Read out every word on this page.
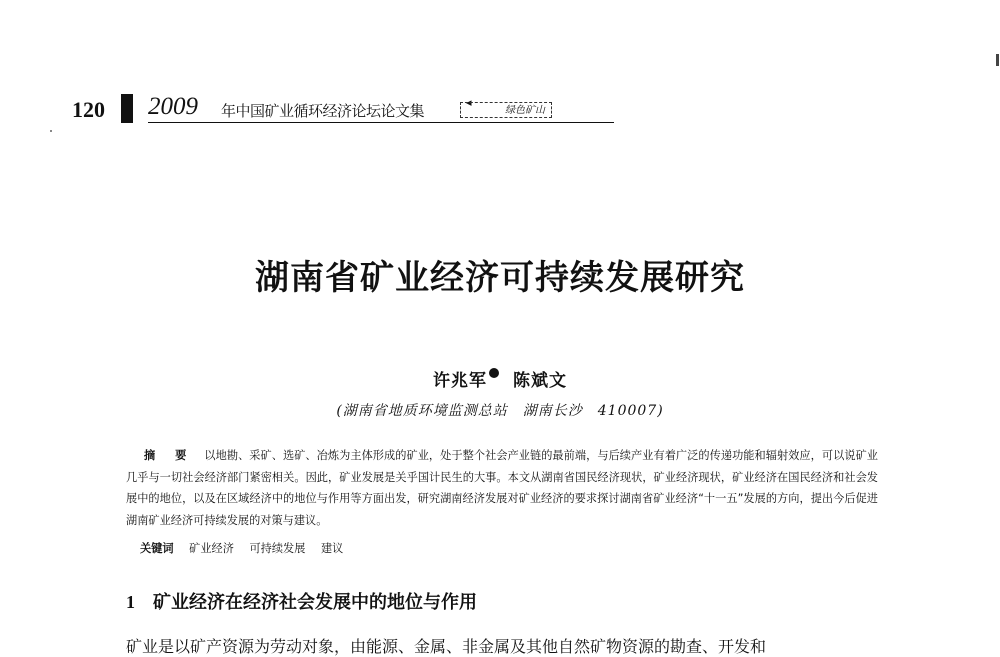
120 2009 年中国矿业循环经济论坛论文集	◂
绿色矿山
湖南省矿业经济可持续发展研究
许兆军 陈斌文
(湖南省地质环境监测总站　湖南长沙　410007)
摘 要 以地勘、采矿、选矿、冶炼为主体形成的矿业，处于整个社会产业链的最前端，与后续产业有着广泛的传递功能和辐射效应，可以说矿业几乎与一切社会经济部门紧密相关。因此，矿业发展是关乎国计民生的大事。本文从湖南省国民经济现状，矿业经济现状，矿业经济在国民经济和社会发展中的地位，以及在区域经济中的地位与作用等方面出发，研究湖南经济发展对矿业经济的要求探讨湖南省矿业经济“十一五”发展的方向，提出今后促进湖南矿业经济可持续发展的对策与建议。
关键词 矿业经济 可持续发展 建议
1 矿业经济在经济社会发展中的地位与作用
矿业是以矿产资源为劳动对象，由能源、金属、非金属及其他自然矿物资源的勘查、开发和
